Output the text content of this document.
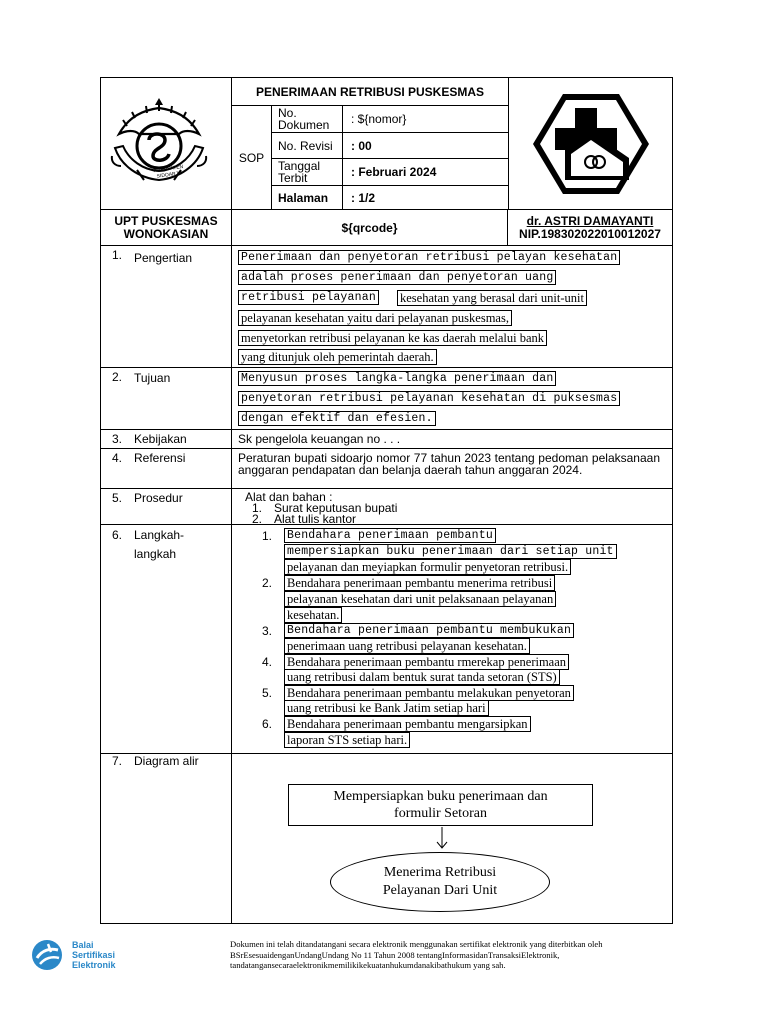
KABUPATEN SIDOARJO
PENERIMAAN RETRIBUSI PUSKESMAS
SOP
No. Dokumen	: ${nomor}
No. Revisi	: 00
Tanggal Terbit	: Februari 2024
Halaman	: 1/2
UPT PUSKESMAS
WONOKASIAN	${qrcode}	dr. ASTRI DAMAYANTI
NIP.198302022010012027
1. Pengertian	Penerimaan dan penyetoran retribusi pelayan kesehatan
adalah proses penerimaan dan penyetoran uang
retribusi pelayanan kesehatan yang berasal dari unit-unit
pelayanan kesehatan yaitu dari pelayanan puskesmas,
menyetorkan retribusi pelayanan ke kas daerah melalui bank
yang ditunjuk oleh pemerintah daerah.
2. Tujuan	Menyusun proses langka-langka penerimaan dan
penyetoran retribusi pelayanan kesehatan di puksesmas
dengan efektif dan efesien.
3. Kebijakan	Sk pengelola keuangan no . . .
4. Referensi	Peraturan bupati sidoarjo nomor 77 tahun 2023 tentang pedoman pelaksanaan anggaran pendapatan dan belanja daerah tahun anggaran 2024.
5. Prosedur	Alat dan bahan :
1. Surat keputusan bupati
2. Alat tulis kantor
6. Langkah-
langkah
1. Bendahara penerimaan pembantu
mempersiapkan buku penerimaan dari setiap unit
pelayanan dan meyiapkan formulir penyetoran retribusi.
2. Bendahara penerimaan pembantu menerima retribusi
pelayanan kesehatan dari unit pelaksanaan pelayanan
kesehatan.
3. Bendahara penerimaan pembantu membukukan
penerimaan uang retribusi pelayanan kesehatan.
4. Bendahara penerimaan pembantu rmerekap penerimaan
uang retribusi dalam bentuk surat tanda setoran (STS)
5. Bendahara penerimaan pembantu melakukan penyetoran
uang retribusi ke Bank Jatim setiap hari
6. Bendahara penerimaan pembantu mengarsipkan
laporan STS setiap hari.
7. Diagram alir
Mempersiapkan buku penerimaan dan
formulir Setoran
Menerima Retribusi
Pelayanan Dari Unit
Balai
Sertifikasi
Elektronik
Dokumen ini telah ditandatangani secara elektronik menggunakan sertifikat elektronik yang diterbitkan oleh
BSrEsesuaidenganUndangUndang No 11 Tahun 2008 tentangInformasidanTransaksiElektronik,
tandatangansecaraelektronikmemilikikekuatanhukumdanakibathukum yang sah.
